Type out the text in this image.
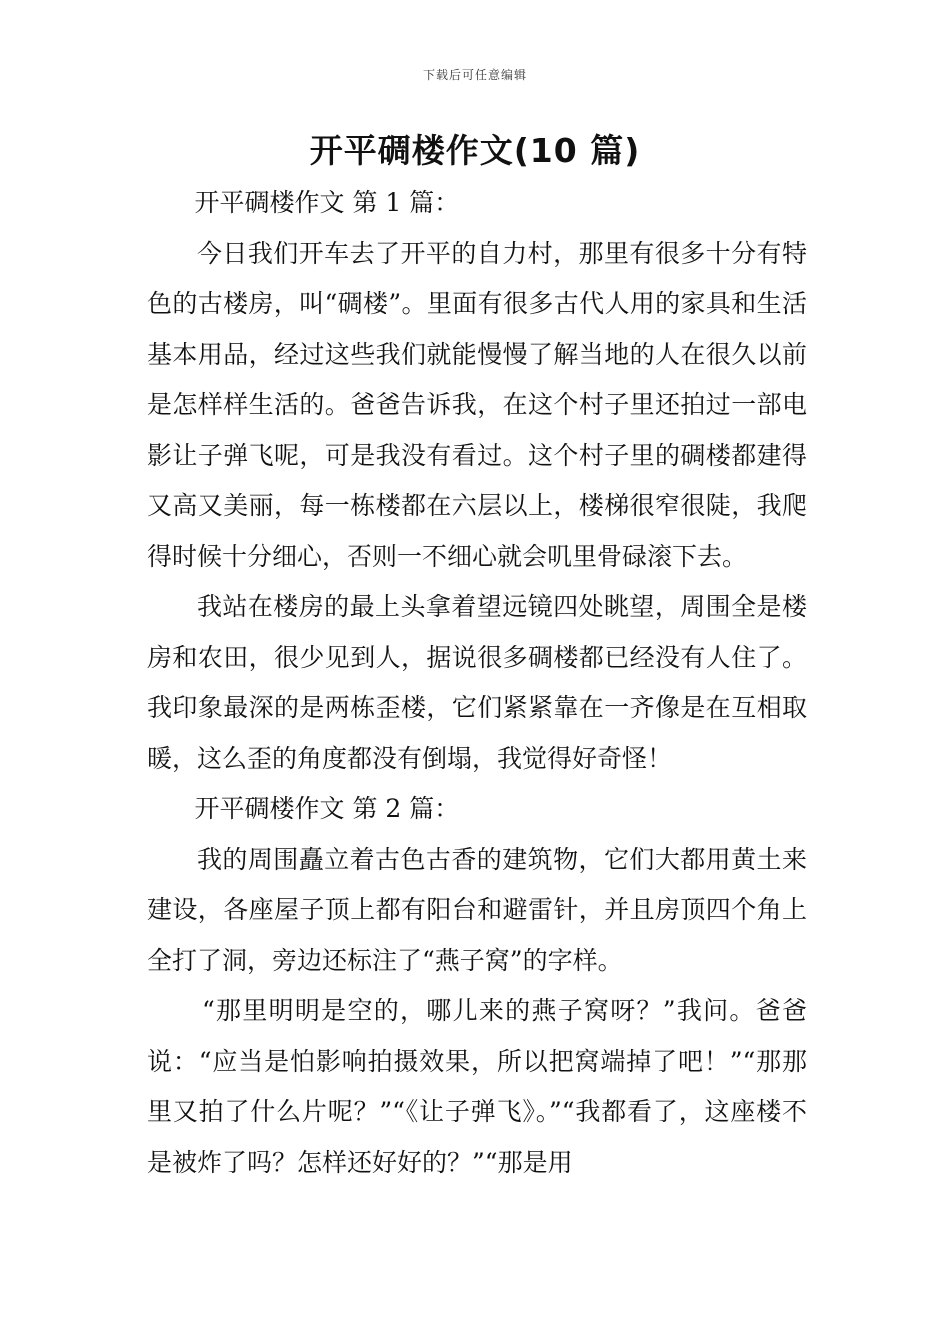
下载后可任意编辑
开平碉楼作文(10 篇)

开平碉楼作文 第 1 篇：

今日我们开车去了开平的自力村，那里有很多十分有特色的古楼房，叫“碉楼”。里面有很多古代人用的家具和生活基本用品，经过这些我们就能慢慢了解当地的人在很久以前是怎样样生活的。爸爸告诉我，在这个村子里还拍过一部电影让子弹飞呢，可是我没有看过。这个村子里的碉楼都建得又高又美丽，每一栋楼都在六层以上，楼梯很窄很陡，我爬得时候十分细心，否则一不细心就会叽里骨碌滚下去。

我站在楼房的最上头拿着望远镜四处眺望，周围全是楼房和农田，很少见到人，据说很多碉楼都已经没有人住了。我印象最深的是两栋歪楼，它们紧紧靠在一齐像是在互相取暖，这么歪的角度都没有倒塌，我觉得好奇怪！

开平碉楼作文 第 2 篇：

我的周围矗立着古色古香的建筑物，它们大都用黄土来建设，各座屋子顶上都有阳台和避雷针，并且房顶四个角上全打了洞，旁边还标注了“燕子窝”的字样。

“那里明明是空的，哪儿来的燕子窝呀？”我问。爸爸说：“应当是怕影响拍摄效果，所以把窝端掉了吧！”“那那里又拍了什么片呢？”“《让子弹飞》。”“我都看了，这座楼不是被炸了吗？怎样还好好的？”“那是用
